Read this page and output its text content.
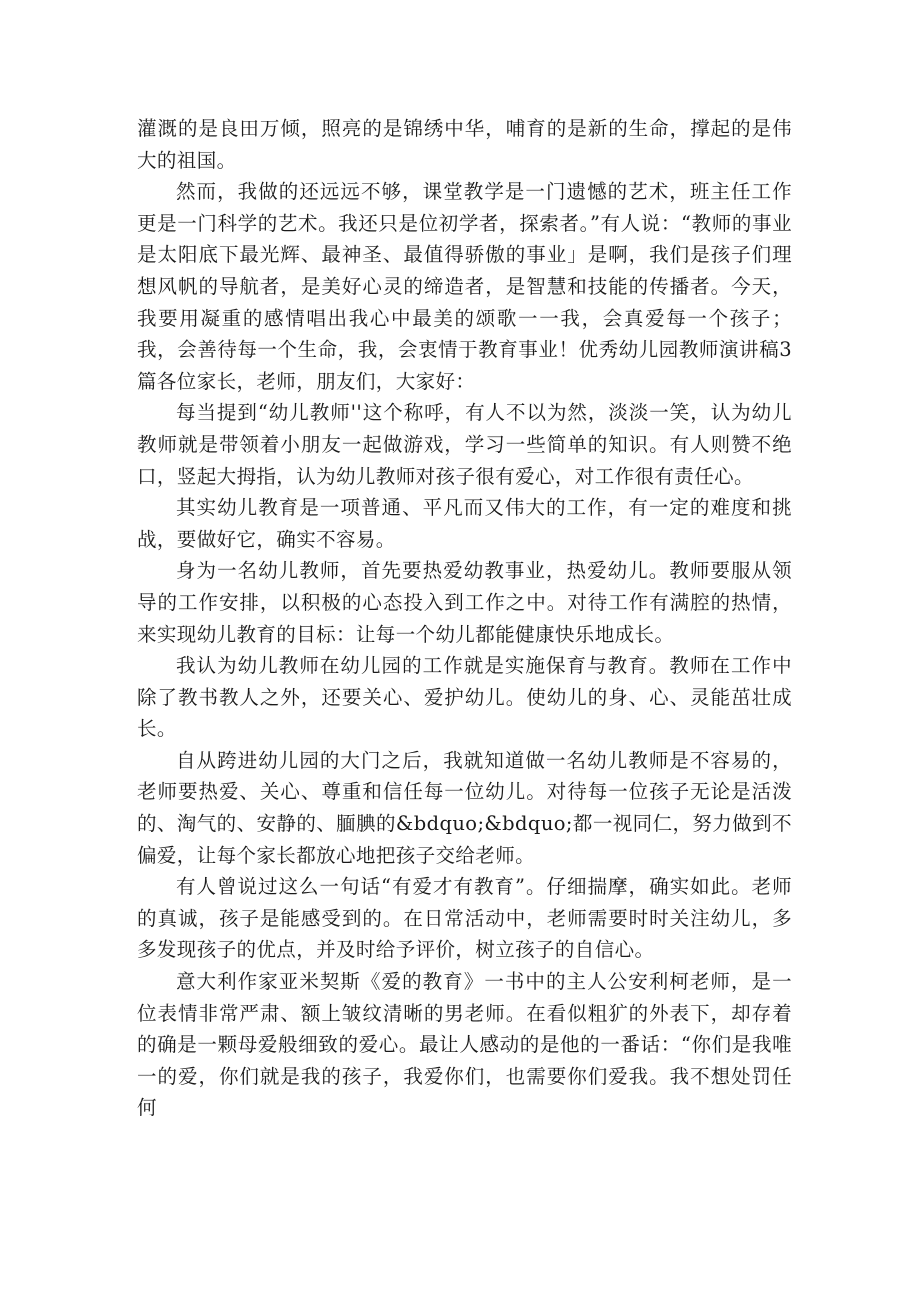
灌溉的是良田万倾，照亮的是锦绣中华，哺育的是新的生命，撑起的是伟大的祖国。

然而，我做的还远远不够，课堂教学是一门遗憾的艺术，班主任工作更是一门科学的艺术。我还只是位初学者，探索者。”有人说：“教师的事业是太阳底下最光辉、最神圣、最值得骄傲的事业」是啊，我们是孩子们理想风帆的导航者，是美好心灵的缔造者，是智慧和技能的传播者。今天，我要用凝重的感情唱出我心中最美的颂歌一一我，会真爱每一个孩子；我，会善待每一个生命，我，会衷情于教育事业！优秀幼儿园教师演讲稿3篇各位家长，老师，朋友们，大家好：

每当提到“幼儿教师''这个称呼，有人不以为然，淡淡一笑，认为幼儿教师就是带领着小朋友一起做游戏，学习一些简单的知识。有人则赞不绝口，竖起大拇指，认为幼儿教师对孩子很有爱心，对工作很有责任心。

其实幼儿教育是一项普通、平凡而又伟大的工作，有一定的难度和挑战，要做好它，确实不容易。

身为一名幼儿教师，首先要热爱幼教事业，热爱幼儿。教师要服从领导的工作安排，以积极的心态投入到工作之中。对待工作有满腔的热情，来实现幼儿教育的目标：让每一个幼儿都能健康快乐地成长。

我认为幼儿教师在幼儿园的工作就是实施保育与教育。教师在工作中除了教书教人之外，还要关心、爱护幼儿。使幼儿的身、心、灵能茁壮成长。

自从跨进幼儿园的大门之后，我就知道做一名幼儿教师是不容易的，老师要热爱、关心、尊重和信任每一位幼儿。对待每一位孩子无论是活泼的、淘气的、安静的、腼腆的&bdquo;&bdquo;都一视同仁，努力做到不偏爱，让每个家长都放心地把孩子交给老师。

有人曾说过这么一句话“有爱才有教育”。仔细揣摩，确实如此。老师的真诚，孩子是能感受到的。在日常活动中，老师需要时时关注幼儿，多多发现孩子的优点，并及时给予评价，树立孩子的自信心。

意大利作家亚米契斯《爱的教育》一书中的主人公安利柯老师，是一位表情非常严肃、额上皱纹清晰的男老师。在看似粗犷的外表下，却存着的确是一颗母爱般细致的爱心。最让人感动的是他的一番话：“你们是我唯一的爱，你们就是我的孩子，我爱你们，也需要你们爱我。我不想处罚任何
